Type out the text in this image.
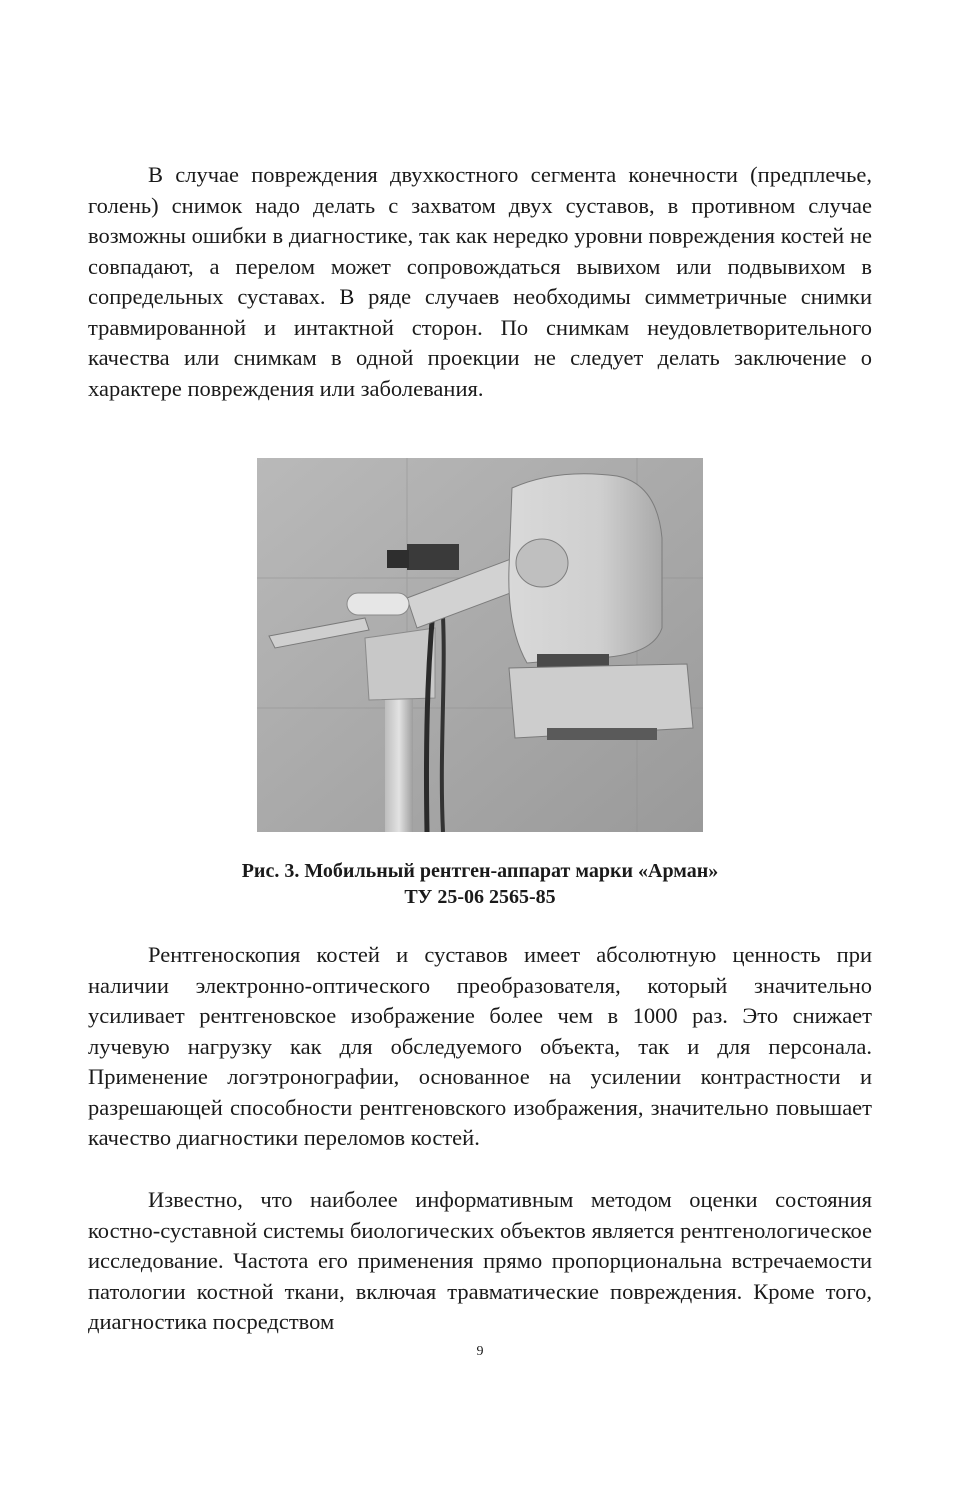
В случае повреждения двухкостного сегмента конечности (предплечье, голень) снимок надо делать с захватом двух суставов, в противном случае возможны ошибки в диагностике, так как нередко уровни повреждения костей не совпадают, а перелом может сопровождаться вывихом или подвывихом в сопредельных суставах. В ряде случаев необходимы симметричные снимки травмированной и интактной сторон. По снимкам неудовлетворительного качества или снимкам в одной проекции не следует делать заключение о характере повреждения или заболевания.

Рис. 3. Мобильный рентген-аппарат марки «Арман»

ТУ 25-06 2565-85

Рентгеноскопия костей и суставов имеет абсолютную ценность при наличии электронно-оптического преобразователя, который значительно усиливает рентгеновское изображение более чем в 1000 раз. Это снижает лучевую нагрузку как для обследуемого объекта, так и для персонала. Применение логэтронографии, основанное на усилении контрастности и разрешающей способности рентгеновского изображения, значительно повышает качество диагностики переломов костей.

Известно, что наиболее информативным методом оценки состояния костно-суставной системы биологических объектов является рентгенологическое исследование. Частота его применения прямо пропорциональна встречаемости патологии костной ткани, включая травматические повреждения. Кроме того, диагностика посредством

9
